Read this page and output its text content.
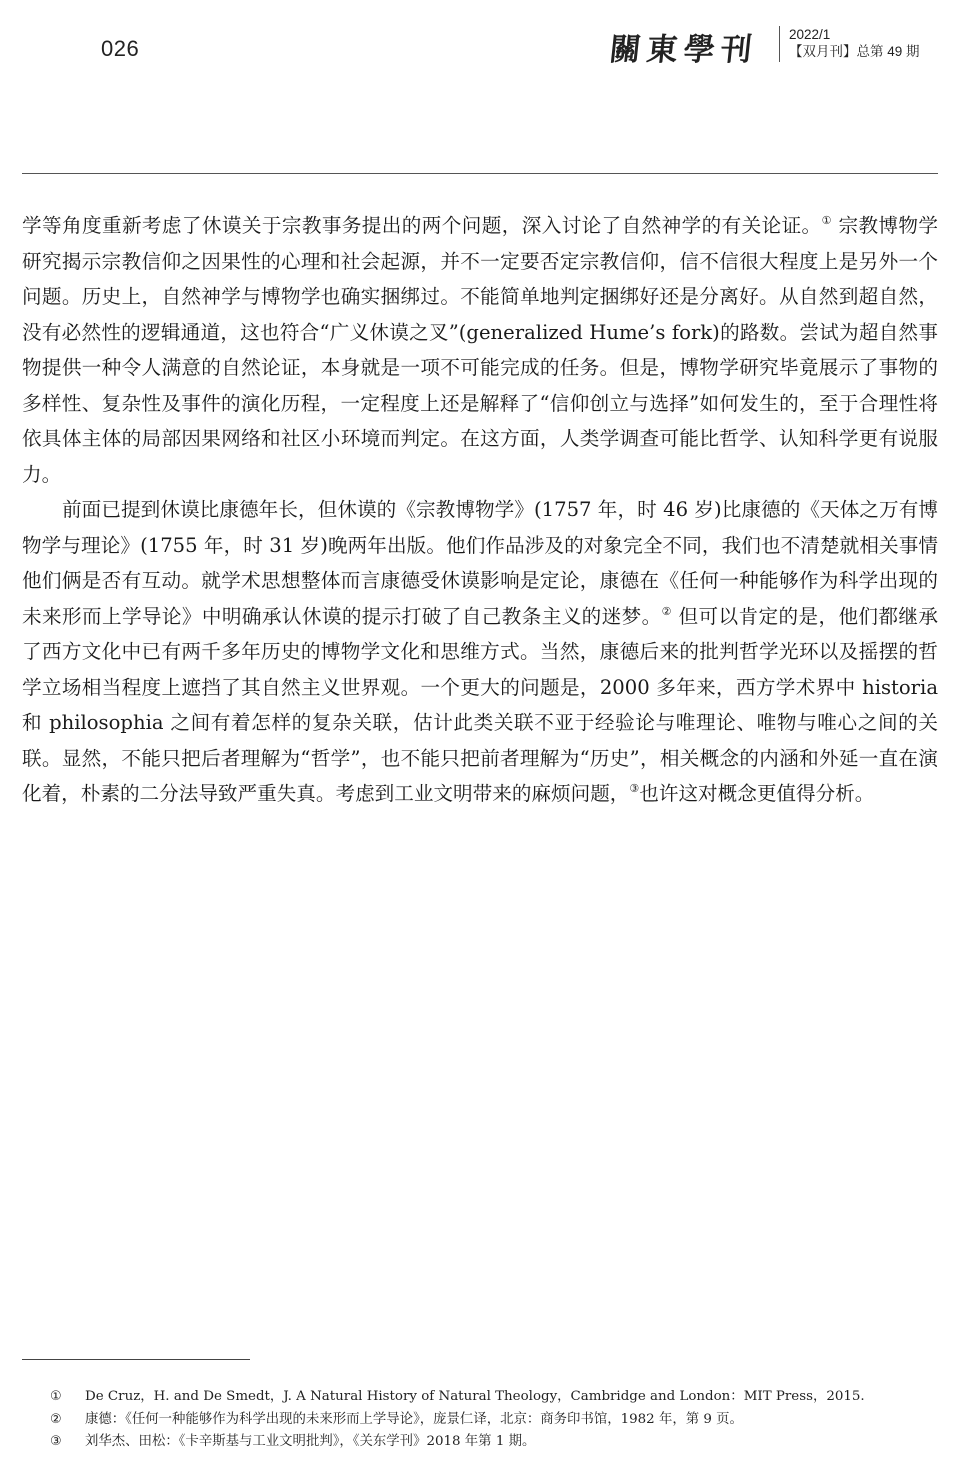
026	關東學刊 2022/1
【双月刊】总第 49 期

学等角度重新考虑了休谟关于宗教事务提出的两个问题，深入讨论了自然神学的有关论证。① 宗教博物学研究揭示宗教信仰之因果性的心理和社会起源，并不一定要否定宗教信仰，信不信很大程度上是另外一个问题。历史上，自然神学与博物学也确实捆绑过。不能简单地判定捆绑好还是分离好。从自然到超自然，没有必然性的逻辑通道，这也符合“广义休谟之叉”(generalized Hume’s fork)的路数。尝试为超自然事物提供一种令人满意的自然论证，本身就是一项不可能完成的任务。但是，博物学研究毕竟展示了事物的多样性、复杂性及事件的演化历程，一定程度上还是解释了“信仰创立与选择”如何发生的，至于合理性将依具体主体的局部因果网络和社区小环境而判定。在这方面，人类学调查可能比哲学、认知科学更有说服力。

前面已提到休谟比康德年长，但休谟的《宗教博物学》(1757 年，时 46 岁)比康德的《天体之万有博物学与理论》(1755 年，时 31 岁)晚两年出版。他们作品涉及的对象完全不同，我们也不清楚就相关事情他们俩是否有互动。就学术思想整体而言康德受休谟影响是定论，康德在《任何一种能够作为科学出现的未来形而上学导论》中明确承认休谟的提示打破了自己教条主义的迷梦。② 但可以肯定的是，他们都继承了西方文化中已有两千多年历史的博物学文化和思维方式。当然，康德后来的批判哲学光环以及摇摆的哲学立场相当程度上遮挡了其自然主义世界观。一个更大的问题是，2000 多年来，西方学术界中 historia 和 philosophia 之间有着怎样的复杂关联，估计此类关联不亚于经验论与唯理论、唯物与唯心之间的关联。显然，不能只把后者理解为“哲学”，也不能只把前者理解为“历史”，相关概念的内涵和外延一直在演化着，朴素的二分法导致严重失真。考虑到工业文明带来的麻烦问题，③也许这对概念更值得分析。

①	De Cruz，H. and De Smedt，J. A Natural History of Natural Theology，Cambridge and London：MIT Press，2015.
②	康德：《任何一种能够作为科学出现的未来形而上学导论》，庞景仁译，北京：商务印书馆，1982 年，第 9 页。
③	刘华杰、田松：《卡辛斯基与工业文明批判》，《关东学刊》2018 年第 1 期。
